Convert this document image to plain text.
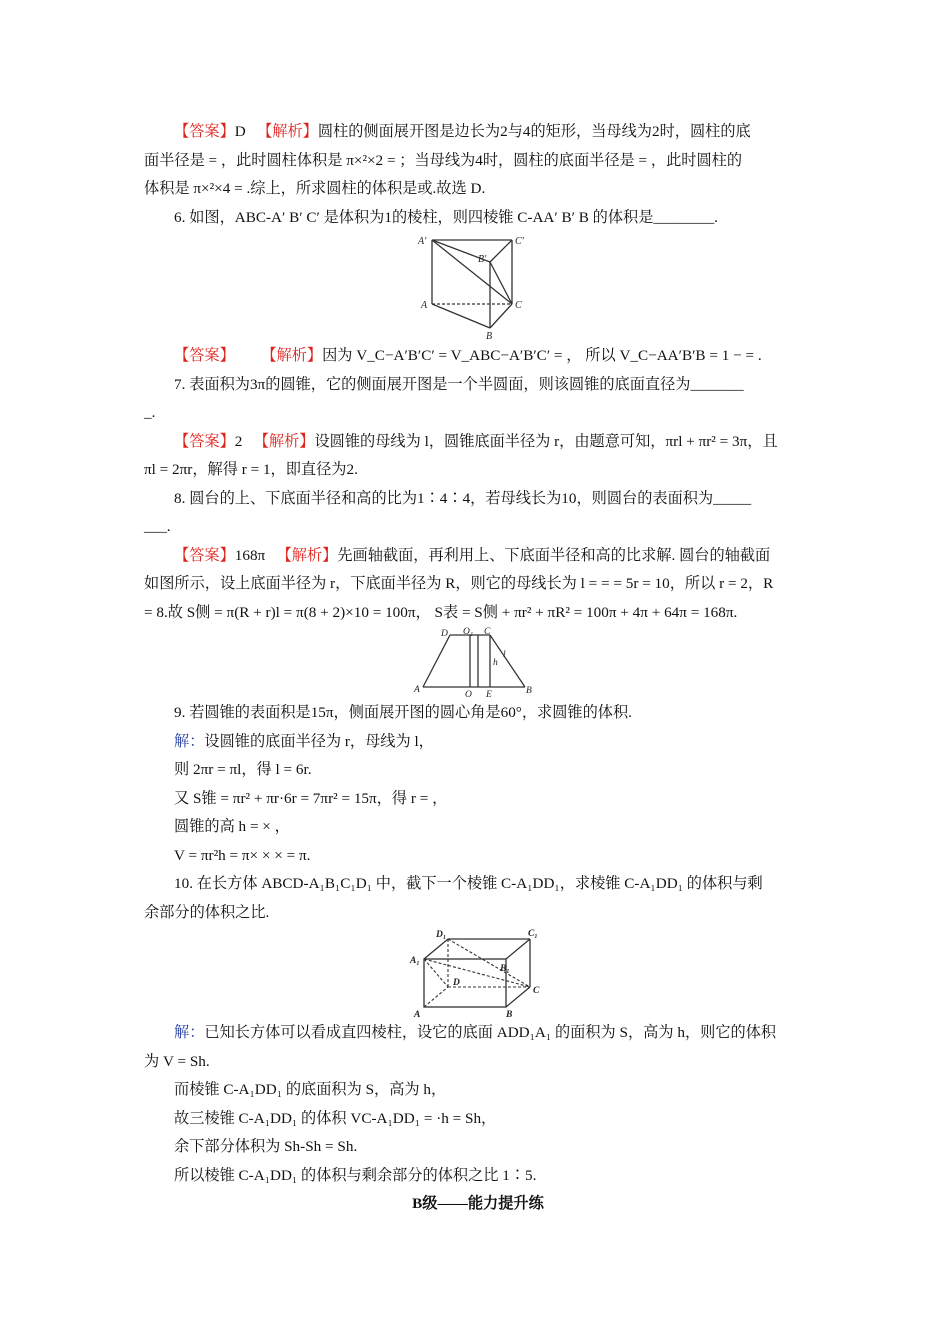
【答案】D 【解析】圆柱的侧面展开图是边长为2与4的矩形，当母线为2时，圆柱的底

面半径是 = ，此时圆柱体积是 π×²×2 = ；当母线为4时，圆柱的底面半径是 = ，此时圆柱的

体积是 π×²×4 = .综上，所求圆柱的体积是或.故选 D.

6. 如图，ABC-A′ B′ C′ 是体积为1的棱柱，则四棱锥 C-AA′ B′ B 的体积是________.

A′	C′
B′
A	C
B

【答案】 【解析】因为 V_C−A′B′C′ = V_ABC−A′B′C′ = ， 所以 V_C−AA′B′B = 1 − = .

7. 表面积为3π的圆锥，它的侧面展开图是一个半圆面，则该圆锥的底面直径为_______

_.

【答案】2 【解析】设圆锥的母线为 l，圆锥底面半径为 r，由题意可知，πrl + πr² = 3π，且

πl = 2πr，解得 r = 1，即直径为2.

8. 圆台的上、下底面半径和高的比为1∶4∶4，若母线长为10，则圆台的表面积为_____

___.

【答案】168π 【解析】先画轴截面，再利用上、下底面半径和高的比求解. 圆台的轴截面

如图所示，设上底面半径为 r，下底面半径为 R，则它的母线长为 l = = = 5r = 10，所以 r = 2，R

= 8.故 S侧 = π(R + r)l = π(8 + 2)×10 = 100π， S表 = S侧 + πr² + πR² = 100π + 4π + 64π = 168π.

D O₁ C
l
h
A	O E	B

9. 若圆锥的表面积是15π，侧面展开图的圆心角是60°，求圆锥的体积.

解：设圆锥的底面半径为 r，母线为 l，

则 2πr = πl，得 l = 6r.

又 S锥 = πr² + πr·6r = 7πr² = 15π，得 r = ，

圆锥的高 h = × ，

V = πr²h = π× × × = π.

10. 在长方体 ABCD-A₁B₁C₁D₁ 中，截下一个棱锥 C-A₁DD₁，求棱锥 C-A₁DD₁ 的体积与剩

余部分的体积之比.

D₁	C₁
A₁
B₁
D
C
A	B

解：已知长方体可以看成直四棱柱，设它的底面 ADD₁A₁ 的面积为 S，高为 h，则它的体积

为 V = Sh.

而棱锥 C-A₁DD₁ 的底面积为 S，高为 h，

故三棱锥 C-A₁DD₁ 的体积 VC-A₁DD₁ = ·h = Sh，

余下部分体积为 Sh-Sh = Sh.

所以棱锥 C-A₁DD₁ 的体积与剩余部分的体积之比 1∶5.

B级——能力提升练
